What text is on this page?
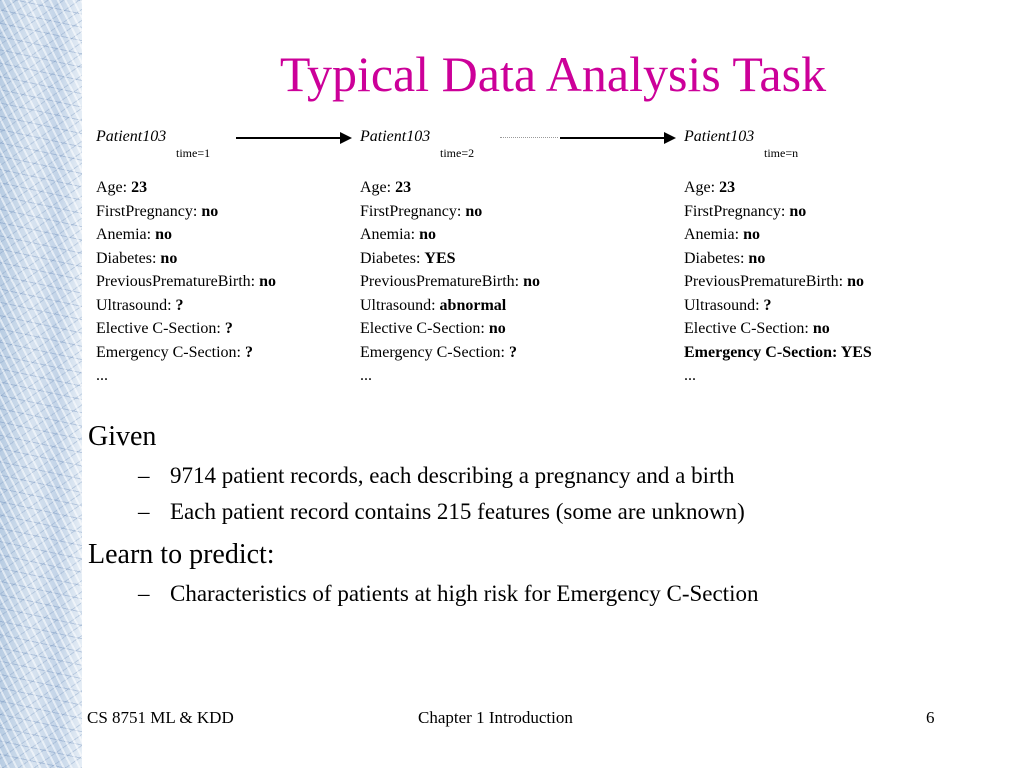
Typical Data Analysis Task
Patient103
time=1
Age: 23
FirstPregnancy: no
Anemia: no
Diabetes: no
PreviousPrematureBirth: no
Ultrasound: ?
Elective C-Section: ?
Emergency C-Section: ?
...
Patient103
time=2
Age: 23
FirstPregnancy: no
Anemia: no
Diabetes: YES
PreviousPrematureBirth: no
Ultrasound: abnormal
Elective C-Section: no
Emergency C-Section: ?
...
Patient103
time=n
Age: 23
FirstPregnancy: no
Anemia: no
Diabetes: no
PreviousPrematureBirth: no
Ultrasound: ?
Elective C-Section: no
Emergency C-Section: YES
...

Given

– 9714 patient records, each describing a pregnancy and a birth

– Each patient record contains 215 features (some are unknown)

Learn to predict:

– Characteristics of patients at high risk for Emergency C-Section

CS 8751 ML & KDD	Chapter 1 Introduction	6
